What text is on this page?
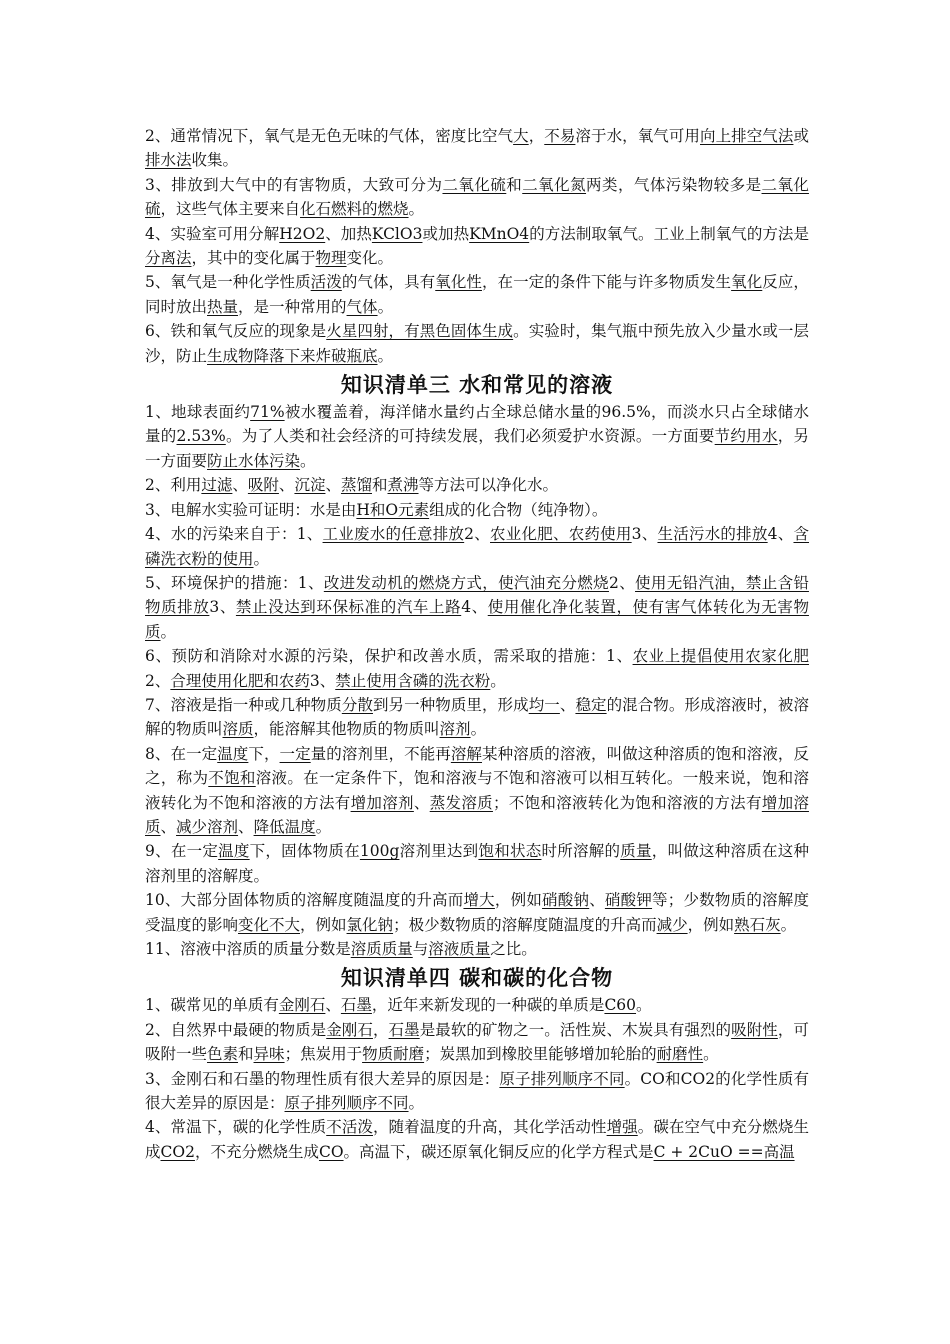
2、通常情况下，氧气是无色无味的气体，密度比空气大，不易溶于水，氧气可用向上排空气法或排水法收集。

3、排放到大气中的有害物质，大致可分为二氧化硫和二氧化氮两类，气体污染物较多是二氧化硫，这些气体主要来自化石燃料的燃烧。

4、实验室可用分解H2O2、加热KClO3或加热KMnO4的方法制取氧气。工业上制氧气的方法是分离法，其中的变化属于物理变化。

5、氧气是一种化学性质活泼的气体，具有氧化性，在一定的条件下能与许多物质发生氧化反应，同时放出热量，是一种常用的气体。

6、铁和氧气反应的现象是火星四射，有黑色固体生成。实验时，集气瓶中预先放入少量水或一层沙，防止生成物降落下来炸破瓶底。

知识清单三 水和常见的溶液

1、地球表面约71%被水覆盖着，海洋储水量约占全球总储水量的96.5%，而淡水只占全球储水量的2.53%。为了人类和社会经济的可持续发展，我们必须爱护水资源。一方面要节约用水，另一方面要防止水体污染。

2、利用过滤、吸附、沉淀、蒸馏和煮沸等方法可以净化水。

3、电解水实验可证明：水是由H和O元素组成的化合物（纯净物）。

4、水的污染来自于：1、工业废水的任意排放2、农业化肥、农药使用3、生活污水的排放4、含磷洗衣粉的使用。

5、环境保护的措施：1、改进发动机的燃烧方式，使汽油充分燃烧2、使用无铅汽油，禁止含铅物质排放3、禁止没达到环保标准的汽车上路4、使用催化净化装置，使有害气体转化为无害物质。

6、预防和消除对水源的污染，保护和改善水质，需采取的措施：1、农业上提倡使用农家化肥2、合理使用化肥和农药3、禁止使用含磷的洗衣粉。

7、溶液是指一种或几种物质分散到另一种物质里，形成均一、稳定的混合物。形成溶液时，被溶解的物质叫溶质，能溶解其他物质的物质叫溶剂。

8、在一定温度下，一定量的溶剂里，不能再溶解某种溶质的溶液，叫做这种溶质的饱和溶液，反之，称为不饱和溶液。在一定条件下，饱和溶液与不饱和溶液可以相互转化。一般来说，饱和溶液转化为不饱和溶液的方法有增加溶剂、蒸发溶质；不饱和溶液转化为饱和溶液的方法有增加溶质、减少溶剂、降低温度。

9、在一定温度下，固体物质在100g溶剂里达到饱和状态时所溶解的质量，叫做这种溶质在这种溶剂里的溶解度。

10、大部分固体物质的溶解度随温度的升高而增大，例如硝酸钠、硝酸钾等；少数物质的溶解度受温度的影响变化不大，例如氯化钠；极少数物质的溶解度随温度的升高而减少，例如熟石灰。

11、溶液中溶质的质量分数是溶质质量与溶液质量之比。

知识清单四 碳和碳的化合物

1、碳常见的单质有金刚石、石墨，近年来新发现的一种碳的单质是C60。

2、自然界中最硬的物质是金刚石，石墨是最软的矿物之一。活性炭、木炭具有强烈的吸附性，可吸附一些色素和异味；焦炭用于物质耐磨；炭黑加到橡胶里能够增加轮胎的耐磨性。

3、金刚石和石墨的物理性质有很大差异的原因是：原子排列顺序不同。CO和CO2的化学性质有很大差异的原因是：原子排列顺序不同。

4、常温下，碳的化学性质不活泼，随着温度的升高，其化学活动性增强。碳在空气中充分燃烧生成CO2，不充分燃烧生成CO。高温下，碳还原氧化铜反应的化学方程式是C + 2CuO ==高温
